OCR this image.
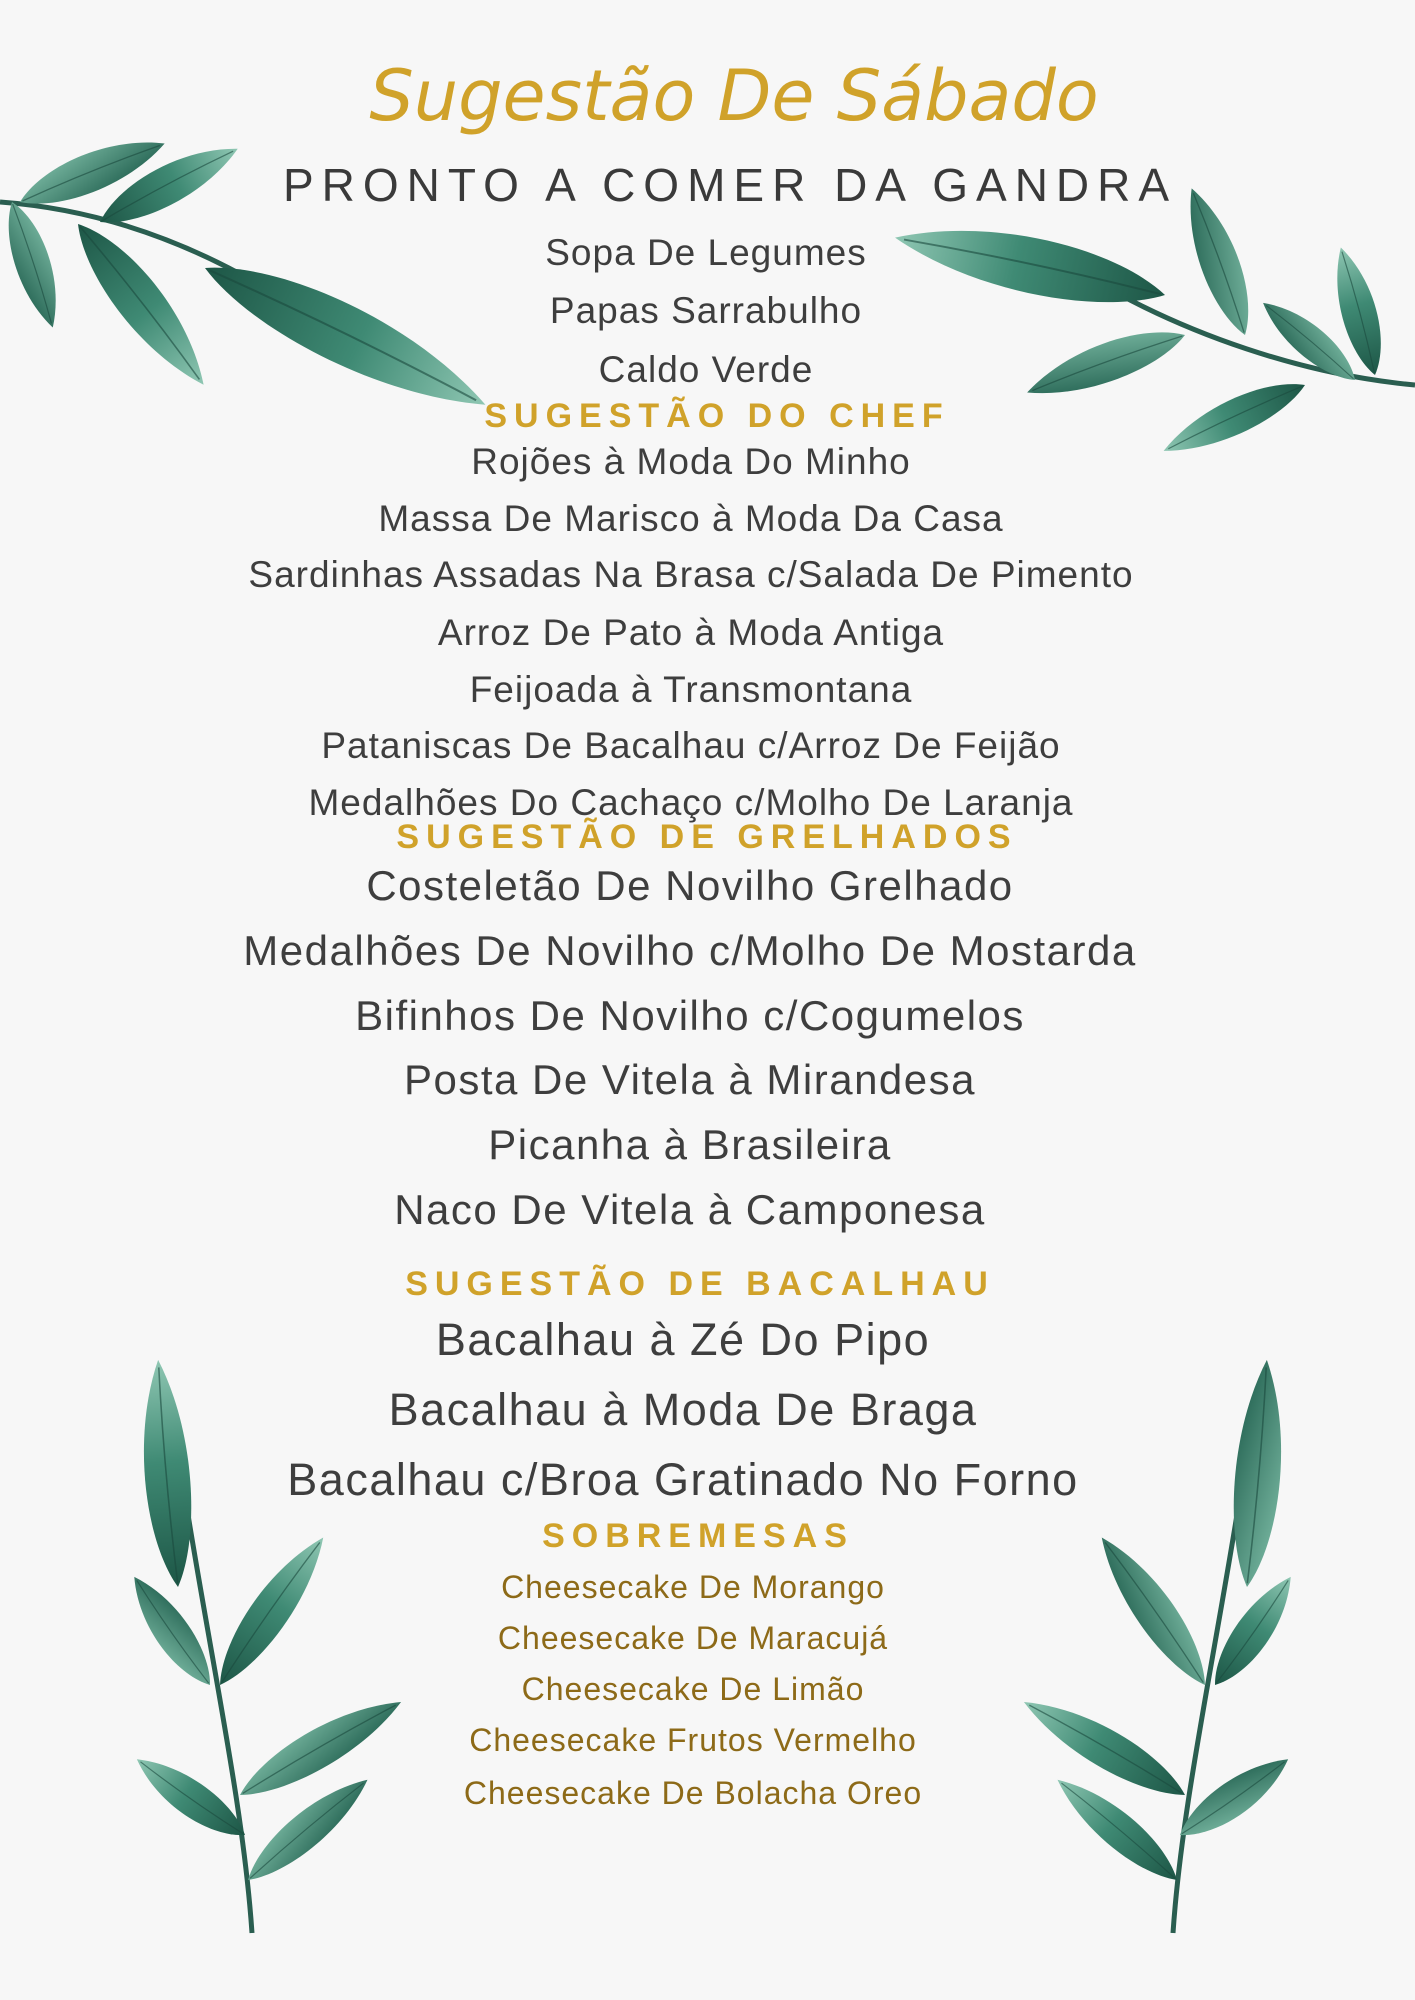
Sugestão De Sábado
PRONTO A COMER DA GANDRA
Sopa De Legumes
Papas Sarrabulho
Caldo Verde
SUGESTÃO DO CHEF
Rojões à Moda Do Minho
Massa De Marisco à Moda Da Casa
Sardinhas Assadas Na Brasa c/Salada De Pimento
Arroz De Pato à Moda Antiga
Feijoada à Transmontana
Pataniscas De Bacalhau c/Arroz De Feijão
Medalhões Do Cachaço c/Molho De Laranja
SUGESTÃO DE GRELHADOS
Costeletão De Novilho Grelhado
Medalhões De Novilho c/Molho De Mostarda
Bifinhos De Novilho c/Cogumelos
Posta De Vitela à Mirandesa
Picanha à Brasileira
Naco De Vitela à Camponesa
SUGESTÃO DE BACALHAU
Bacalhau à Zé Do Pipo
Bacalhau à Moda De Braga
Bacalhau c/Broa Gratinado No Forno
SOBREMESAS
Cheesecake De Morango
Cheesecake De Maracujá
Cheesecake De Limão
Cheesecake Frutos Vermelho
Cheesecake De Bolacha Oreo
